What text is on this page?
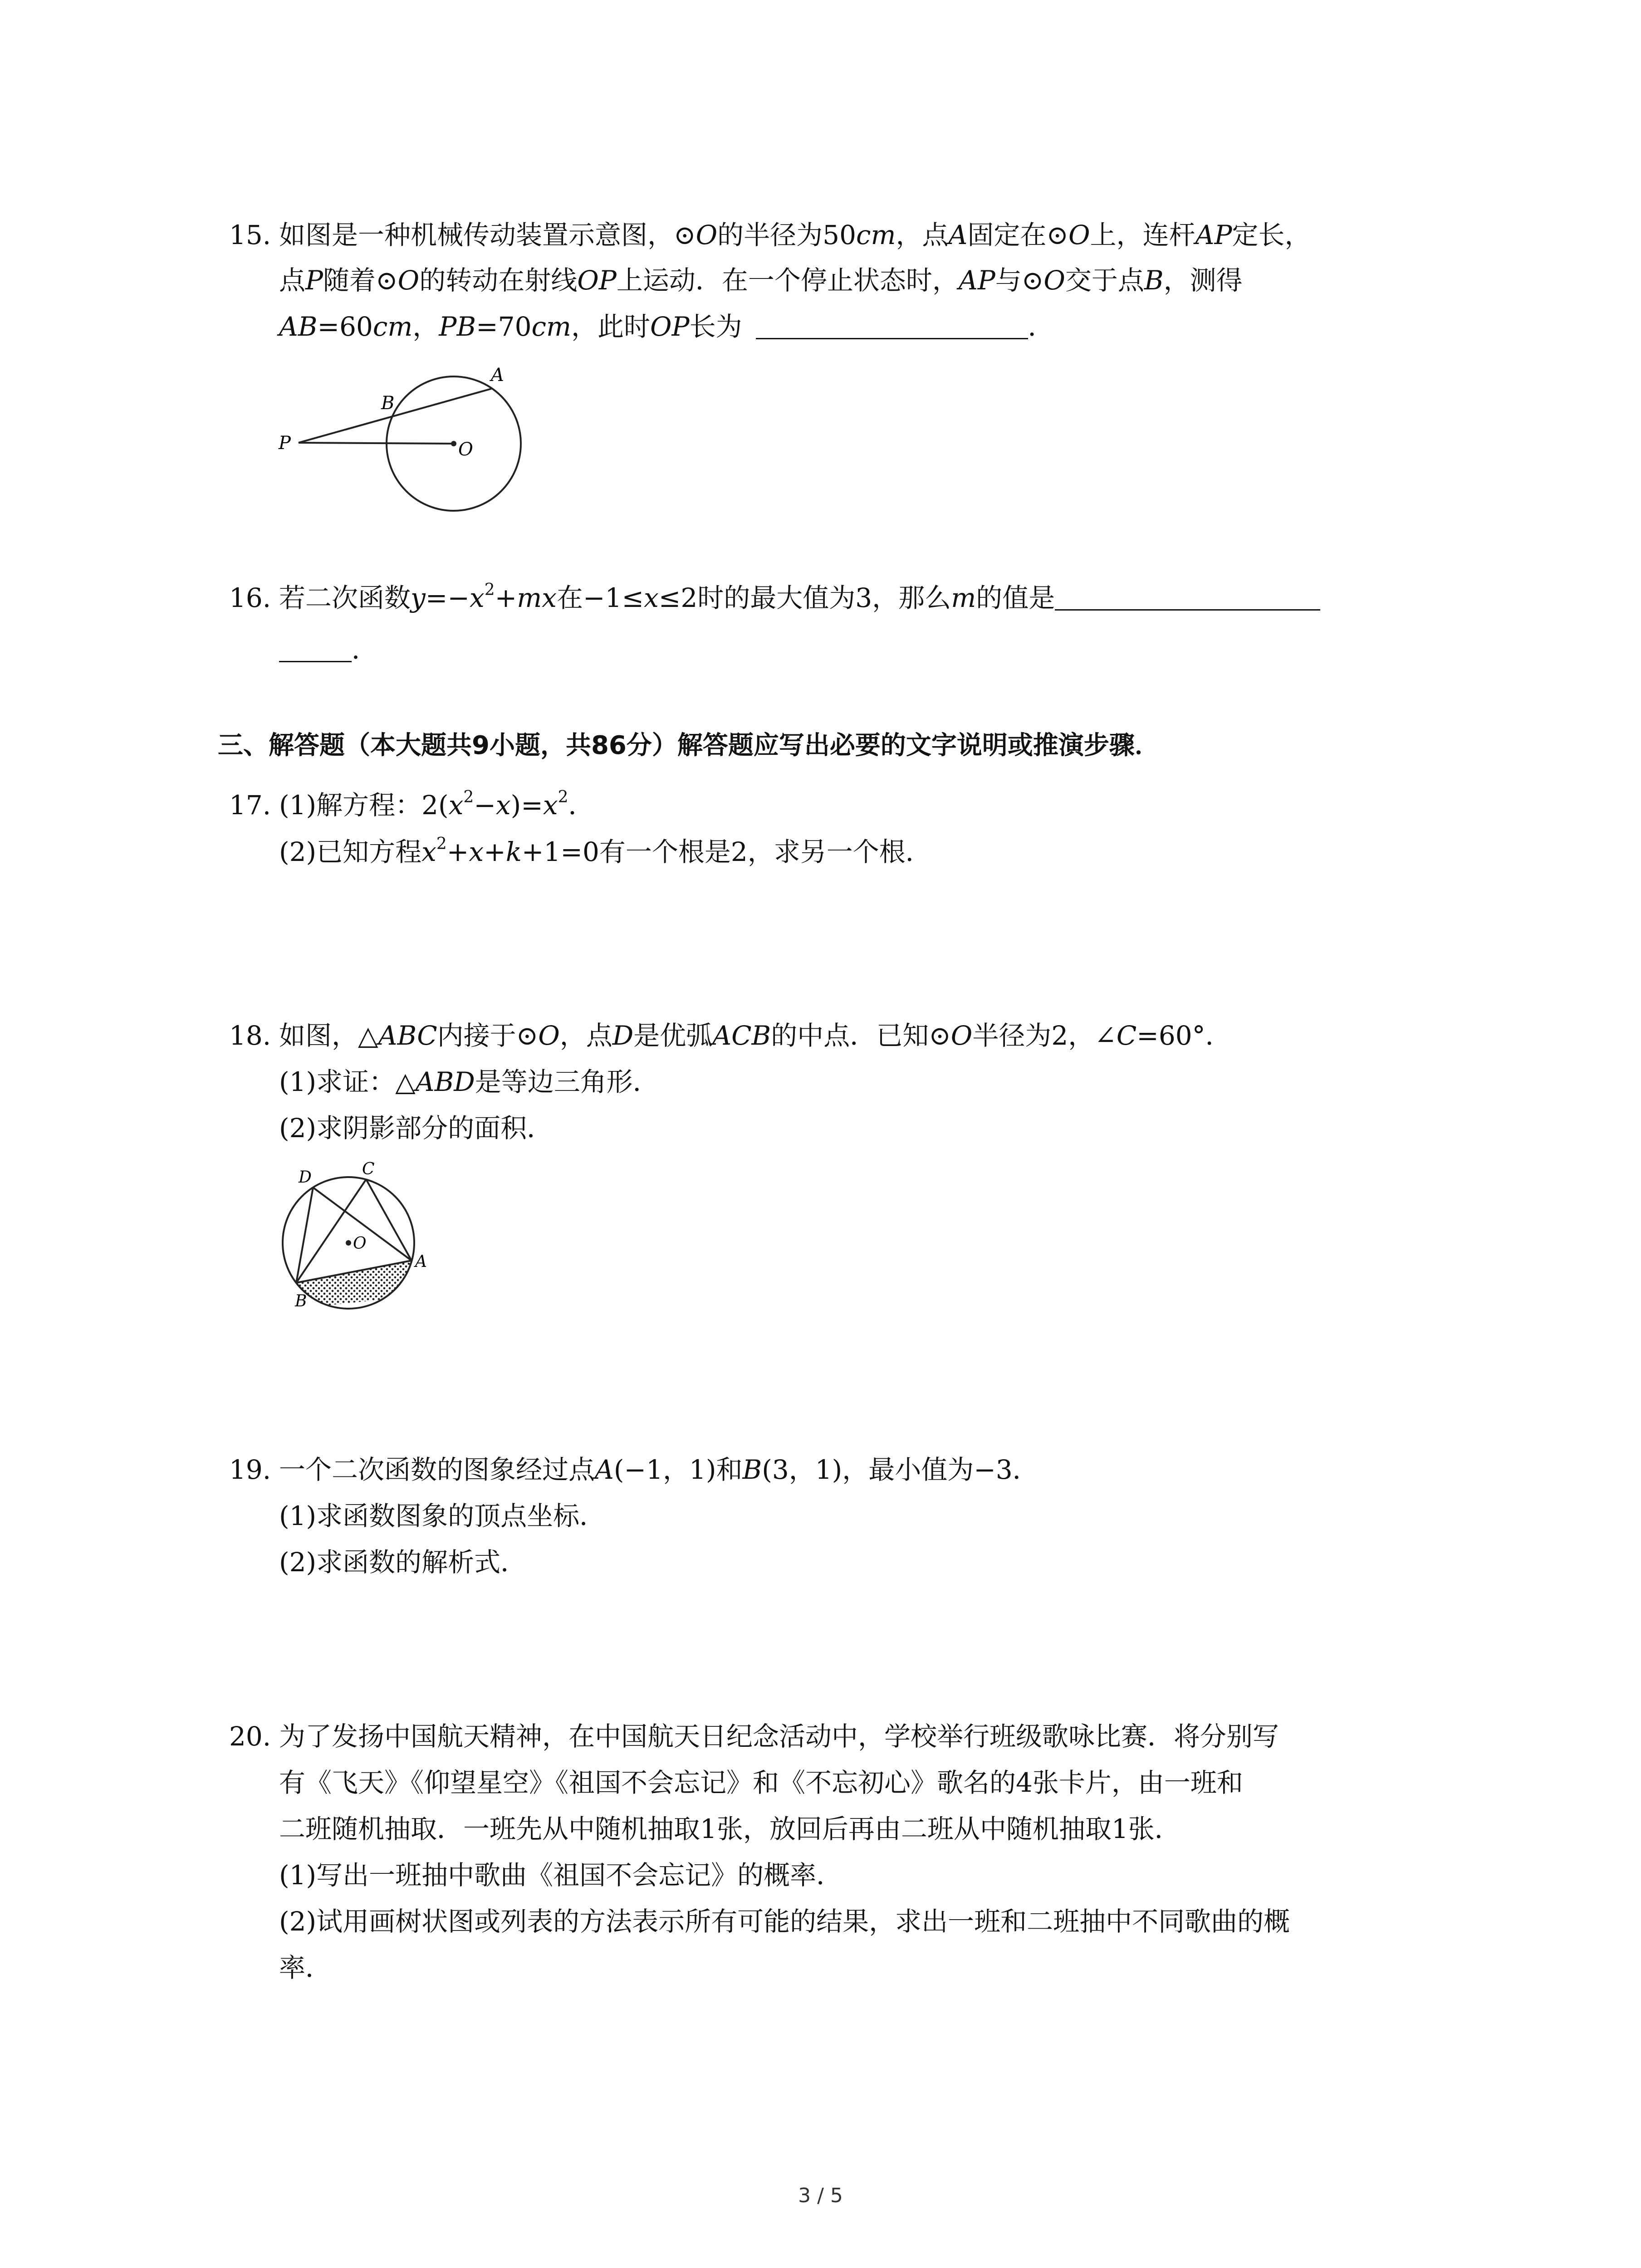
15. 如图是一种机械传动装置示意图，⊙O的半径为50cm，点A固定在⊙O上，连杆AP定长，
点P随着⊙O的转动在射线OP上运动．在一个停止状态时，AP与⊙O交于点B，测得
AB=60cm，PB=70cm，此时OP长为	．
P
B
A
O
16. 若二次函数$y=-x^2+mx$在−1≤x≤2时的最大值为3，那么m的值是
．
三、解答题（本大题共9小题，共86分）解答题应写出必要的文字说明或推演步骤．
17. (1)解方程：$2(x^2-x)=x^2$．
(2)已知方程$x^2+x+k+1=0$有一个根是2，求另一个根．
18. 如图，△ABC内接于⊙O，点D是优弧ACB的中点．已知⊙O半径为2，∠C=60°．
(1)求证：△ABD是等边三角形．
(2)求阴影部分的面积．
D	C
O
A
B
19. 一个二次函数的图象经过点A(−1，1)和B(3，1)，最小值为−3．
(1)求函数图象的顶点坐标．
(2)求函数的解析式．
20. 为了发扬中国航天精神，在中国航天日纪念活动中，学校举行班级歌咏比赛．将分别写
有《飞天》《仰望星空》《祖国不会忘记》和《不忘初心》歌名的4张卡片，由一班和
二班随机抽取．一班先从中随机抽取1张，放回后再由二班从中随机抽取1张．
(1)写出一班抽中歌曲《祖国不会忘记》的概率．
(2)试用画树状图或列表的方法表示所有可能的结果，求出一班和二班抽中不同歌曲的概
率．
3 / 5
